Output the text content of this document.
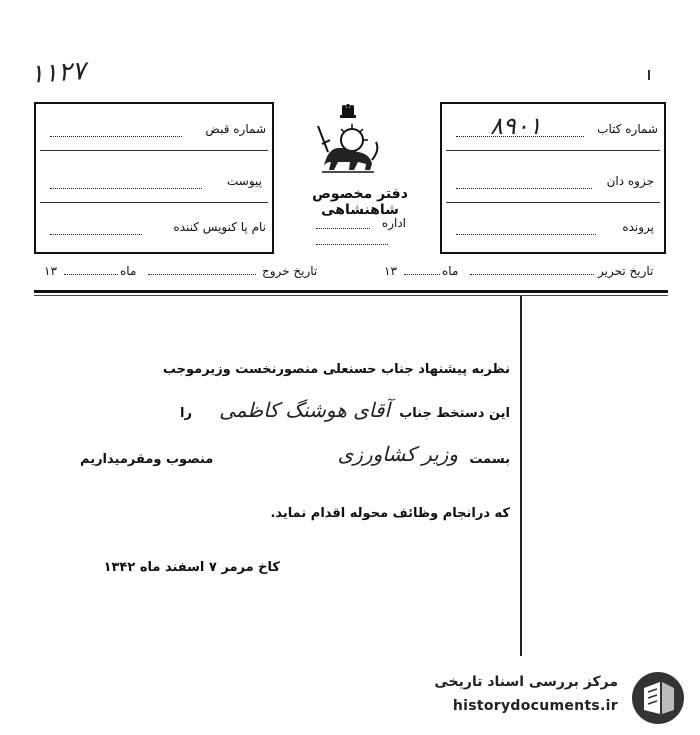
۱۱۲۷
شماره قبض
پیوست
نام پا کنویس کننده
دفتر مخصوص شاهنشاهی
اداره
شماره کتاب
۸۹۰۱
جزوه دان
پرونده
۱۳	ماه	تاریخ خروج	۱۳	ماه	تاریخ تحریر
نظربه پیشنهاد جناب حسنعلی منصورنخست وزیرموجب
این دستخط جناب
آقای هوشنگ کاظمی
را
بسمت
وزیر کشاورزی
منصوب ومقرمیداریم
که درانجام وظائف محوله اقدام نماید.
کاخ مرمر ۷ اسفند ماه ۱۳۴۲
مرکز بررسی اسناد تاریخی
historydocuments.ir
